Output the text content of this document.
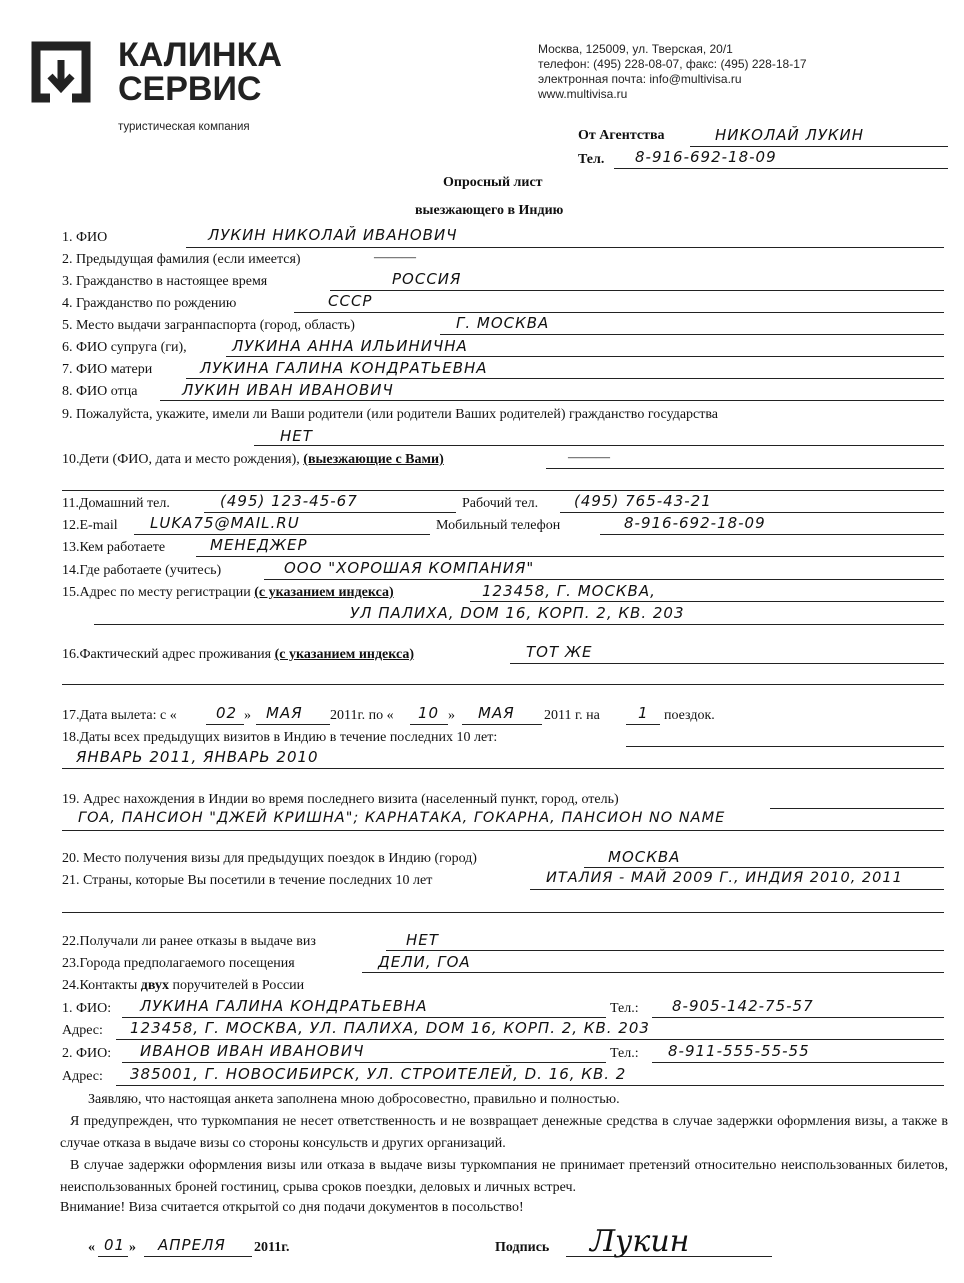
КАЛИНКА
СЕРВИС
туристическая компания
Москва, 125009, ул. Тверская, 20/1
телефон: (495) 228-08-07, факс: (495) 228-18-17
электронная почта: info@multivisa.ru
www.multivisa.ru
От Агентства	НИКОЛАЙ ЛУКИН
Тел. 8-916-692-18-09
Опросный лист
выезжающего в Индию
1. ФИО	ЛУКИН НИКОЛАЙ ИВАНОВИЧ
2. Предыдущая фамилия (если имеется)	———
3. Гражданство в настоящее время	РОССИЯ
4. Гражданство по рождению	СССР
5. Место выдачи загранпаспорта (город, область)	Г. МОСКВА
6. ФИО супруга (ги),	ЛУКИНА АННА ИЛЬИНИЧНА
7. ФИО матери	ЛУКИНА ГАЛИНА КОНДРАТЬЕВНА
8. ФИО отца	ЛУКИН ИВАН ИВАНОВИЧ
9. Пожалуйста, укажите, имели ли Ваши родители (или родители Ваших родителей) гражданство государства
НЕТ
10.Дети (ФИО, дата и место рождения), (выезжающие с Вами)	———
11.Домашний тел.	(495) 123-45-67	Рабочий тел. (495) 765-43-21
12.E-mail LUKA75@MAIL.RU	Мобильный телефон	8-916-692-18-09
13.Кем работаете	МЕНЕДЖЕР
14.Где работаете (учитесь)	ООО "ХОРОШАЯ КОМПАНИЯ"
15.Адрес по месту регистрации (с указанием индекса)	123458, Г. МОСКВА,
УЛ ПАЛИХА, DOM 16, КОРП. 2, КВ. 203
16.Фактический адрес проживания (с указанием индекса)	ТОТ ЖЕ
17.Дата вылета: с «	02 » МАЯ 2011г. по « 10 » МАЯ 2011 г. на	1 поездок.
18.Даты всех предыдущих визитов в Индию в течение последних 10 лет:
ЯНВАРЬ 2011, ЯНВАРЬ 2010
19. Адрес нахождения в Индии во время последнего визита (населенный пункт, город, отель)
ГОА, ПАНСИОН "ДЖЕЙ КРИШНА"; КАРНАТАКА, ГОКАРНА, ПАНСИОН NO NAME
20. Место получения визы для предыдущих поездок в Индию (город)	МОСКВА
21. Страны, которые Вы посетили в течение последних 10 лет	ИТАЛИЯ - МАЙ 2009 Г., ИНДИЯ 2010, 2011
22.Получали ли ранее отказы в выдаче виз	НЕТ
23.Города предполагаемого посещения	ДЕЛИ, ГОА
24.Контакты двух поручителей в России
1. ФИО: ЛУКИНА ГАЛИНА КОНДРАТЬЕВНА	Тел.: 8-905-142-75-57
Адрес: 123458, Г. МОСКВА, УЛ. ПАЛИХА, DOM 16, КОРП. 2, КВ. 203
2. ФИО: ИВАНОВ ИВАН ИВАНОВИЧ	Тел.: 8-911-555-55-55
Адрес: 385001, Г. НОВОСИБИРСК, УЛ. СТРОИТЕЛЕЙ, D. 16, КВ. 2
Заявляю, что настоящая анкета заполнена мною добросовестно, правильно и полностью.
Я предупрежден, что туркомпания не несет ответственность и не возвращает денежные средства в случае задержки оформления визы, а также в случае отказа в выдаче визы со стороны консульств и других организаций.
В случае задержки оформления визы или отказа в выдаче визы туркомпания не принимает претензий относительно неиспользованных билетов, неиспользованных броней гостиниц, срыва сроков поездки, деловых и личных встреч.
Внимание! Виза считается открытой со дня подачи документов в посольство!
« 01 » АПРЕЛЯ 2011г.	Подпись Лукин
